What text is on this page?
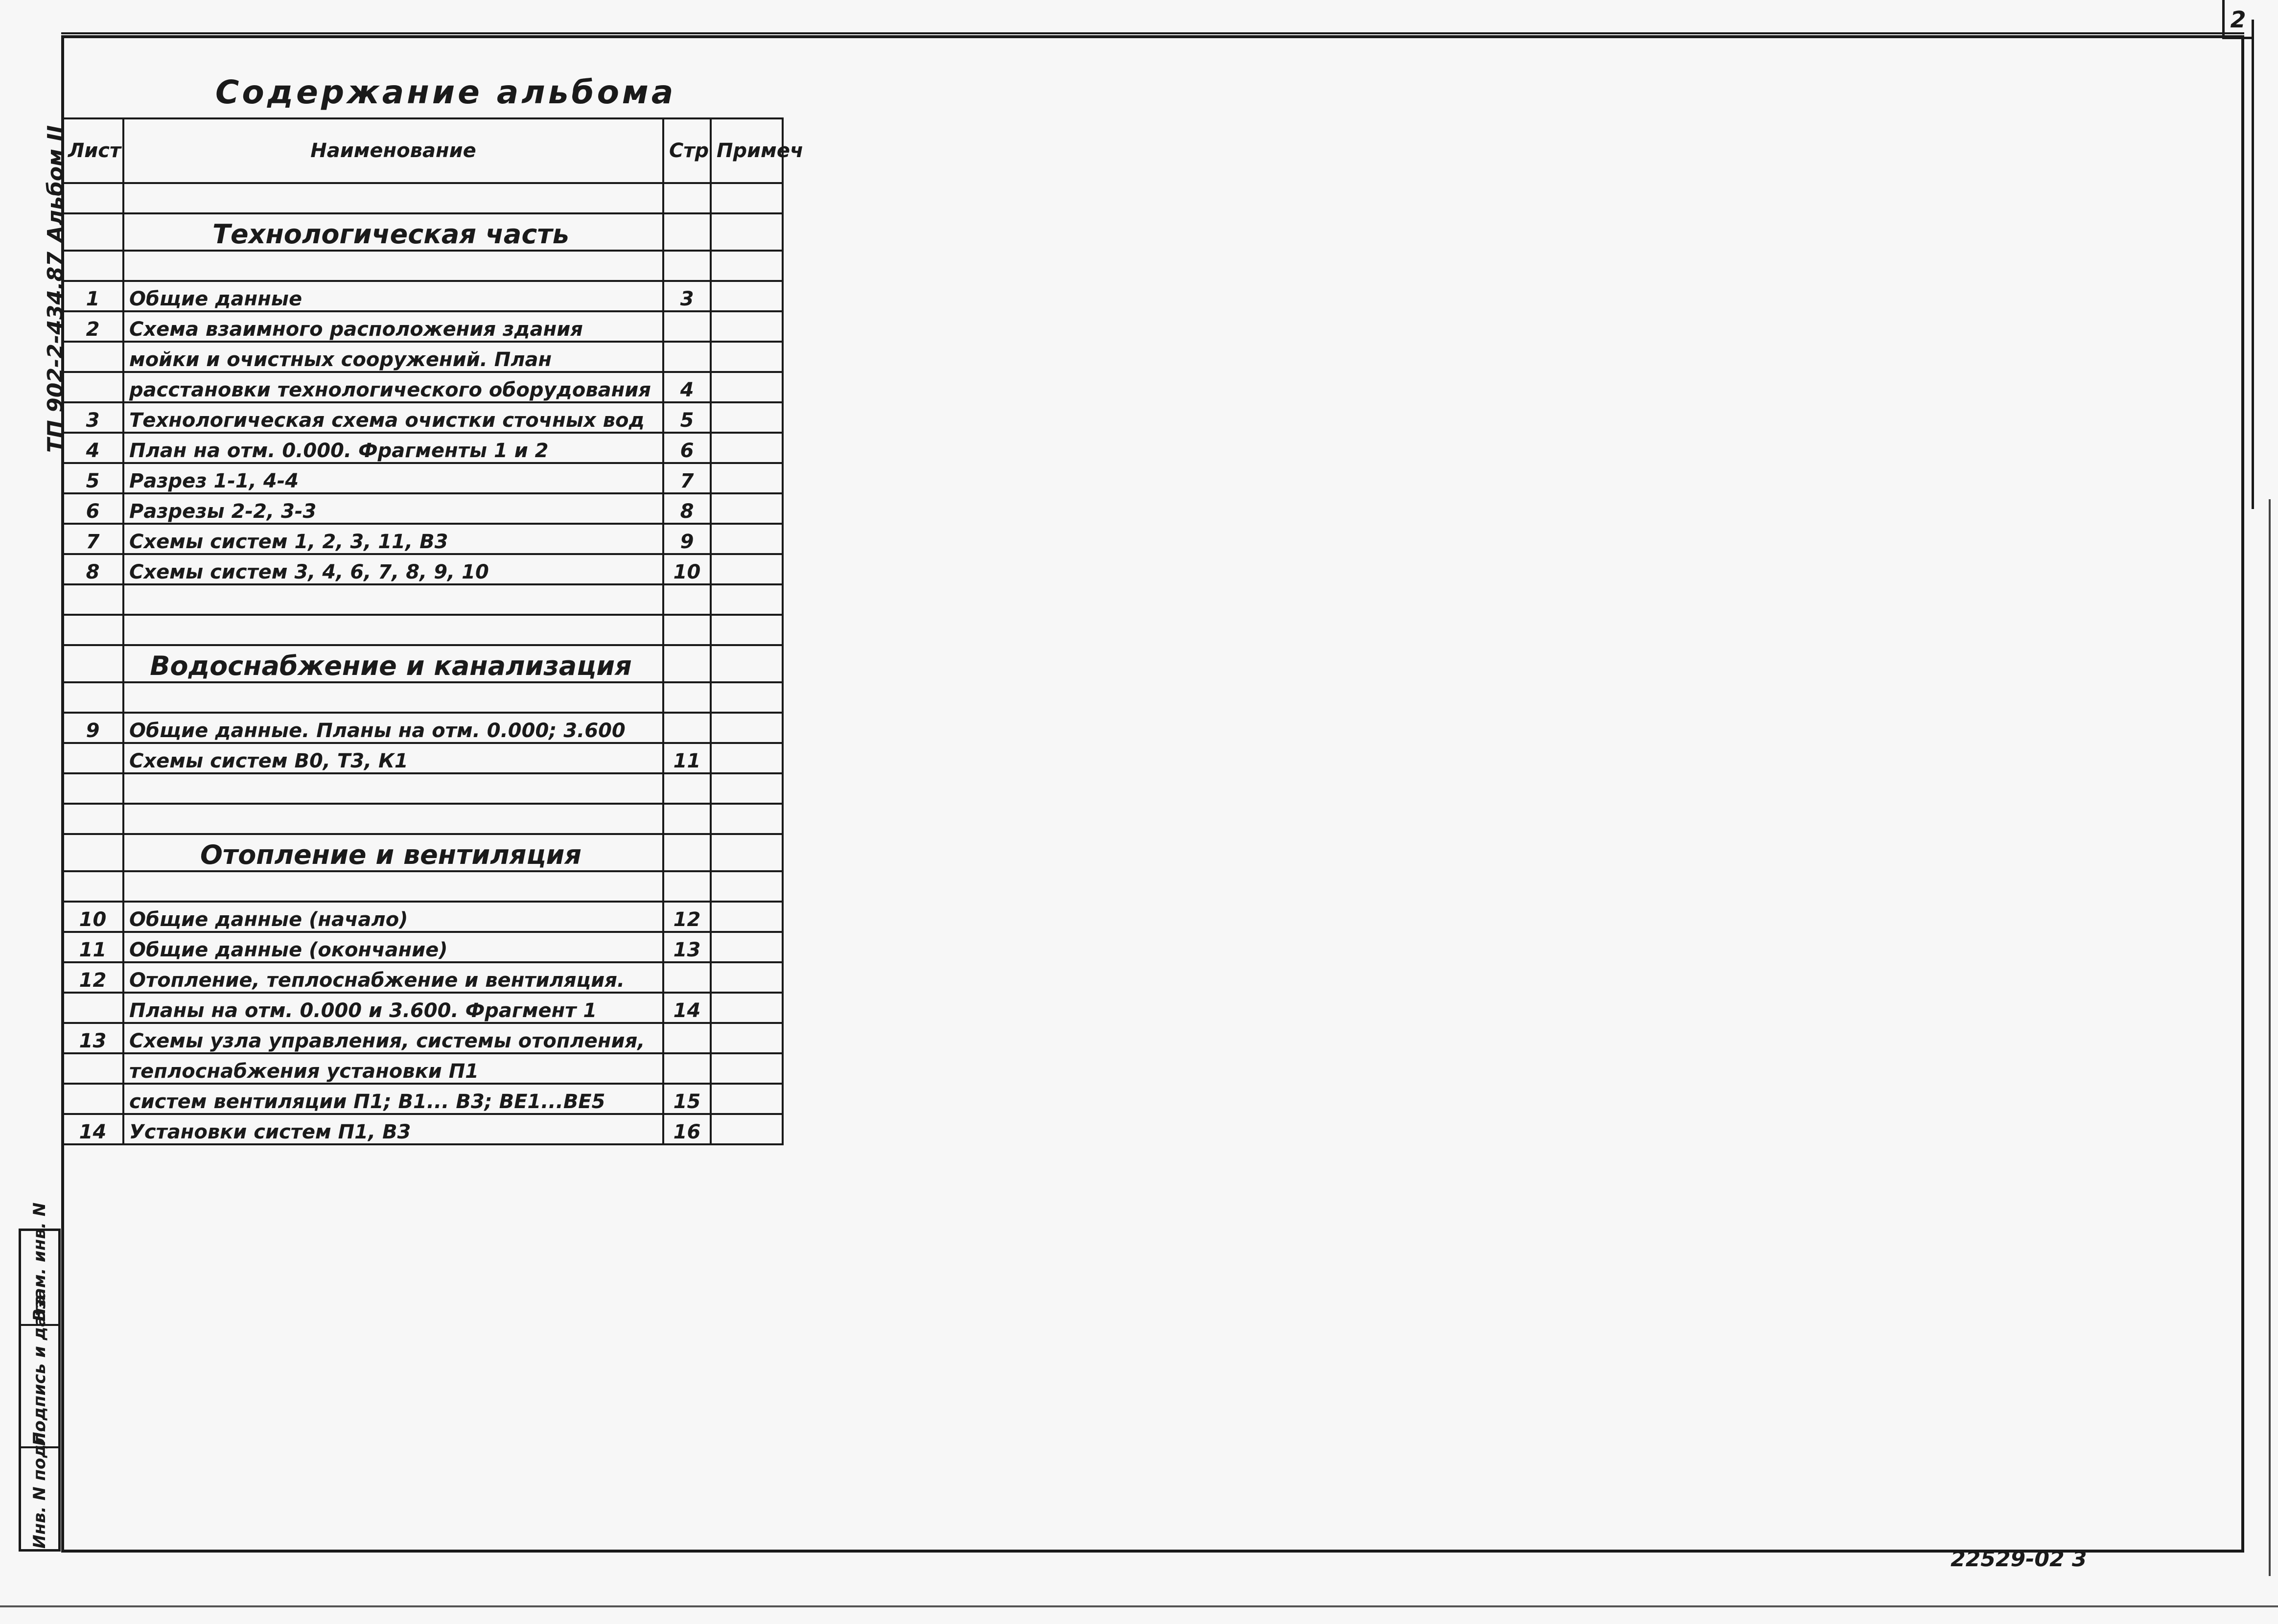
2
Содержание альбома
Альбом II
ТП 902-2-434.87
Лист	Наименование	Стр	Примеч

	Технологическая часть		

1	Общие данные	3	
2	Схема взаимного расположения здания		
	мойки и очистных сооружений. План		
	расстановки технологического оборудования	4	
3	Технологическая схема очистки сточных вод	5	
4	План на отм. 0.000. Фрагменты 1 и 2	6	
5	Разрез 1-1, 4-4	7	
6	Разрезы 2-2, 3-3	8	
7	Схемы систем 1, 2, 3, 11, В3	9	
8	Схемы систем 3, 4, 6, 7, 8, 9, 10	10	

	Водоснабжение и канализация		

9	Общие данные. Планы на отм. 0.000; 3.600		
	Схемы систем В0, Т3, К1	11	

	Отопление и вентиляция		

10	Общие данные (начало)	12	
11	Общие данные (окончание)	13	
12	Отопление, теплоснабжение и вентиляция.		
	Планы на отм. 0.000 и 3.600. Фрагмент 1	14	
13	Схемы узла управления, системы отопления,		
	теплоснабжения установки П1		
	систем вентиляции П1; В1... В3; ВЕ1...ВЕ5	15	
14	Установки систем П1, В3	16	
Взам. инв. N
Подпись и дата
Инв. N подл.
22529-02 3
